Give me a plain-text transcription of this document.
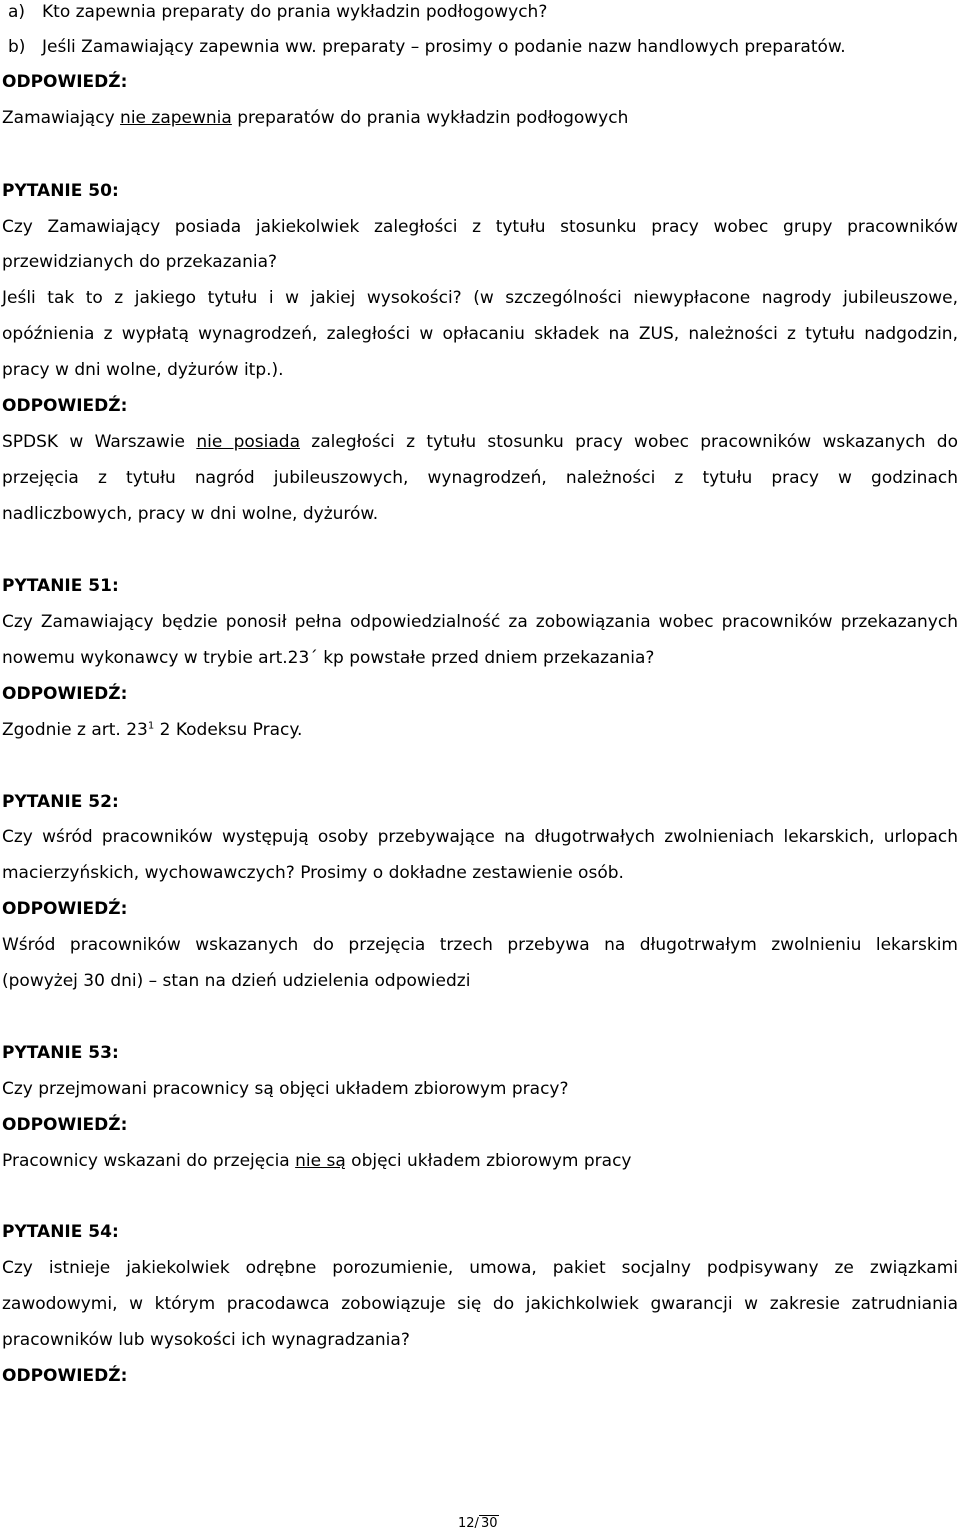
a) Kto zapewnia preparaty do prania wykładzin podłogowych?
b) Jeśli Zamawiający zapewnia ww. preparaty – prosimy o podanie nazw handlowych preparatów.
ODPOWIEDŹ:
Zamawiający nie zapewnia preparatów do prania wykładzin podłogowych
PYTANIE 50:
Czy Zamawiający posiada jakiekolwiek zaległości z tytułu stosunku pracy wobec grupy pracowników
przewidzianych do przekazania?
Jeśli tak to z jakiego tytułu i w jakiej wysokości? (w szczególności niewypłacone nagrody jubileuszowe,
opóźnienia z wypłatą wynagrodzeń, zaległości w opłacaniu składek na ZUS, należności z tytułu nadgodzin,
pracy w dni wolne, dyżurów itp.).
ODPOWIEDŹ:
SPDSK w Warszawie nie posiada zaległości z tytułu stosunku pracy wobec pracowników wskazanych do
przejęcia z tytułu nagród jubileuszowych, wynagrodzeń, należności z tytułu pracy w godzinach
nadliczbowych, pracy w dni wolne, dyżurów.
PYTANIE 51:
Czy Zamawiający będzie ponosił pełna odpowiedzialność za zobowiązania wobec pracowników przekazanych
nowemu wykonawcy w trybie art.23´ kp powstałe przed dniem przekazania?
ODPOWIEDŹ:
Zgodnie z art. $23^1$ 2 Kodeksu Pracy.
PYTANIE 52:
Czy wśród pracowników występują osoby przebywające na długotrwałych zwolnieniach lekarskich, urlopach
macierzyńskich, wychowawczych? Prosimy o dokładne zestawienie osób.
ODPOWIEDŹ:
Wśród pracowników wskazanych do przejęcia trzech przebywa na długotrwałym zwolnieniu lekarskim
(powyżej 30 dni) – stan na dzień udzielenia odpowiedzi
PYTANIE 53:
Czy przejmowani pracownicy są objęci układem zbiorowym pracy?
ODPOWIEDŹ:
Pracownicy wskazani do przejęcia nie są objęci układem zbiorowym pracy
PYTANIE 54:
Czy istnieje jakiekolwiek odrębne porozumienie, umowa, pakiet socjalny podpisywany ze związkami
zawodowymi, w którym pracodawca zobowiązuje się do jakichkolwiek gwarancji w zakresie zatrudniania
pracowników lub wysokości ich wynagradzania?
ODPOWIEDŹ:
12/ 30
